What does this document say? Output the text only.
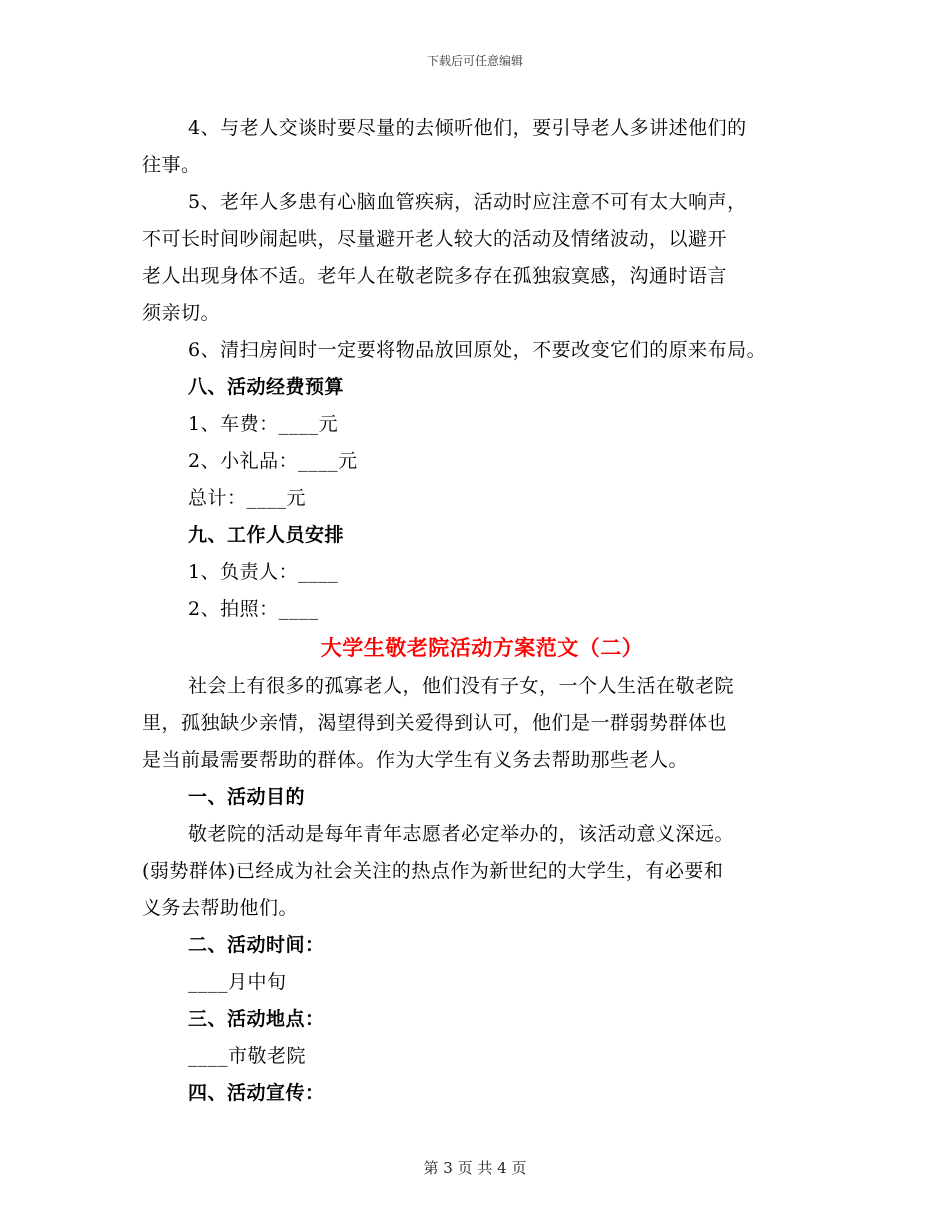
下载后可任意编辑

4、与老人交谈时要尽量的去倾听他们，要引导老人多讲述他们的

往事。

5、老年人多患有心脑血管疾病，活动时应注意不可有太大响声，

不可长时间吵闹起哄，尽量避开老人较大的活动及情绪波动，以避开

老人出现身体不适。老年人在敬老院多存在孤独寂寞感，沟通时语言

须亲切。

6、清扫房间时一定要将物品放回原处，不要改变它们的原来布局。

八、活动经费预算

1、车费：____元

2、小礼品：____元

总计：____元

九、工作人员安排

1、负责人：____

2、拍照：____

大学生敬老院活动方案范文（二）

社会上有很多的孤寡老人，他们没有子女，一个人生活在敬老院

里，孤独缺少亲情，渴望得到关爱得到认可，他们是一群弱势群体也

是当前最需要帮助的群体。作为大学生有义务去帮助那些老人。

一、活动目的

敬老院的活动是每年青年志愿者必定举办的，该活动意义深远。

(弱势群体)已经成为社会关注的热点作为新世纪的大学生，有必要和

义务去帮助他们。

二、活动时间：

____月中旬

三、活动地点：

____市敬老院

四、活动宣传：

第 3 页 共 4 页
